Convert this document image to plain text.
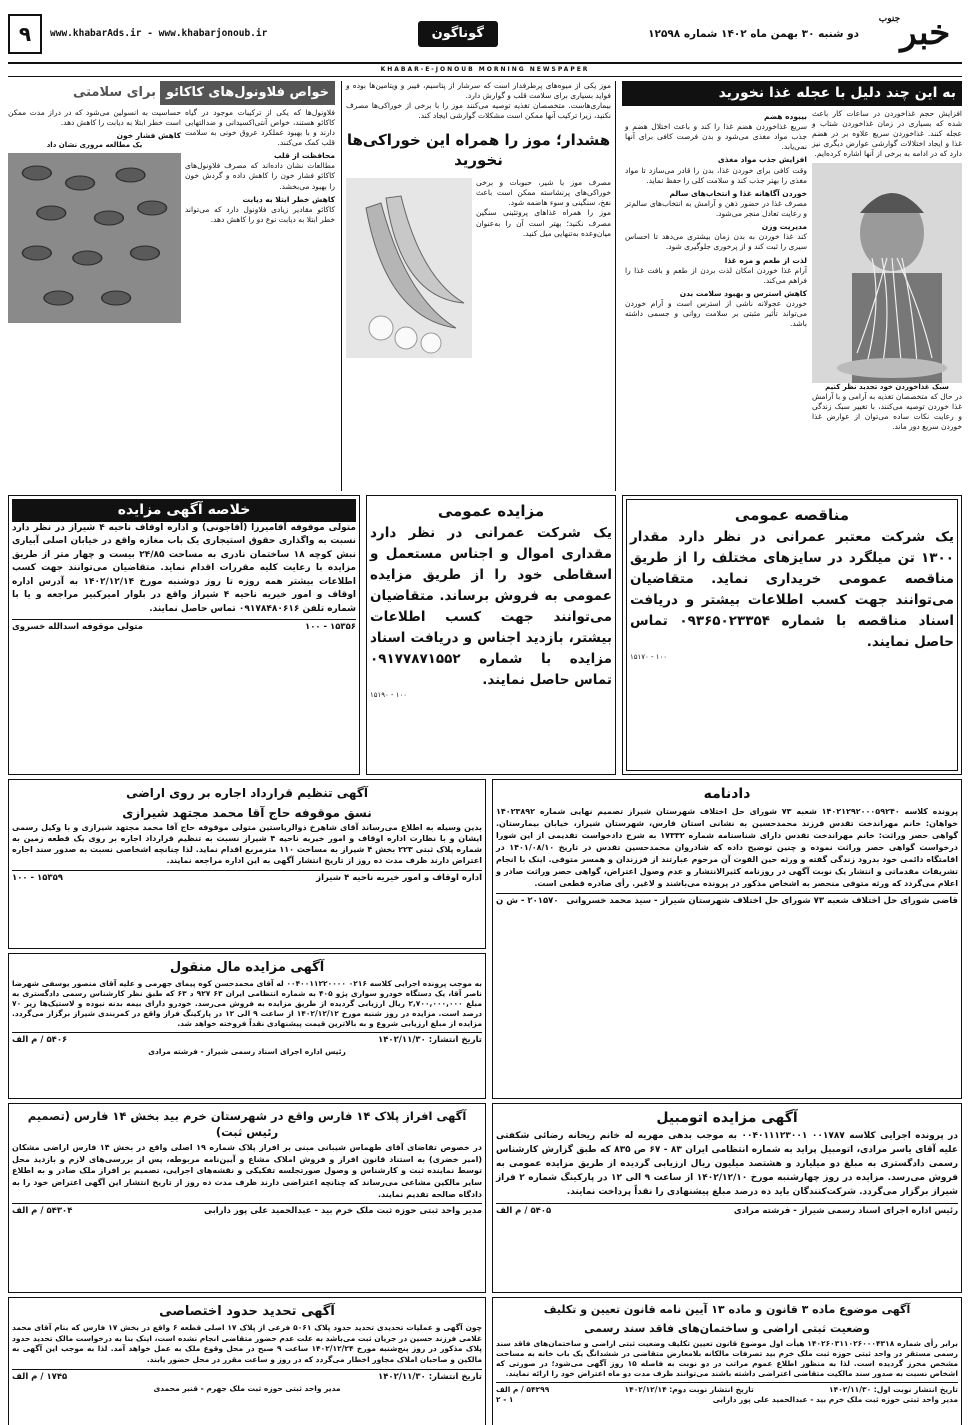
خبر
جنوب
دو شنبه ۳۰ بهمن ماه ۱۴۰۲ شماره ۱۲۵۹۸
گوناگون
www.khabarAds.ir - www.khabarjonoub.ir
۹
KHABAR-E-JONOUB MORNING NEWSPAPER
به این چند دلیل با عجله غذا نخورید

افزایش حجم غذاخوردن در ساعات کار باعث شده که بسیاری در زمان غذاخوردن شتاب و عجله کنند. غذاخوردن سریع علاوه بر در هضم غذا و ایجاد اختلالات گوارشی عوارض دیگری نیز دارد که در ادامه به برخی از آنها اشاره کرده‌ایم.

سبک غذاخوردن خود تجدید نظر کنیم

در حال که متخصصان تغذیه به آرامی و با آرامش غذا خوردن توصیه می‌کنند، با تغییر سبک زندگی و رعایت نکات ساده می‌توان از عوارض غذا خوردن سریع دور ماند.

بیبوده هضم

سریع غذاخوردن هضم غذا را کند و باعث اختلال هضم و جذب مواد مغذی می‌شود و بدن فرصت کافی برای آنها نمی‌یابد.

افزایش جذب مواد مغذی

وقت کافی برای خوردن غذا، بدن را قادر می‌سازد تا مواد مغذی را بهتر جذب کند و سلامت کلی را حفظ نماید.

خوردن آگاهانه غذا و انتخاب‌های سالم

مصرف غذا در حضور ذهن و آرامش به انتخاب‌های سالم‌تر و رعایت تعادل منجر می‌شود.

مدیریت وزن

کند غذا خوردن به بدن زمان بیشتری می‌دهد تا احساس سیری را ثبت کند و از پرخوری جلوگیری شود.

لذت از طعم و مزه غذا

آرام غذا خوردن امکان لذت بردن از طعم و بافت غذا را فراهم می‌کند.

کاهش استرس و بهبود سلامت بدن

خوردن عجولانه ناشی از استرس است و آرام خوردن می‌تواند تأثیر مثبتی بر سلامت روانی و جسمی داشته باشد.

موز یکی از میوه‌های پرطرفدار است که سرشار از پتاسیم، فیبر و ویتامین‌ها بوده و فواید بسیاری برای سلامت قلب و گوارش دارد.

بیماری‌هاست. متخصصان تغذیه توصیه می‌کنند موز را با برخی از خوراکی‌ها مصرف نکنید، زیرا ترکیب آنها ممکن است مشکلات گوارشی ایجاد کند.

هشدار؛ موز را همراه این خوراکی‌ها نخورید

مصرف موز با شیر، حبوبات و برخی خوراکی‌های پرنشاسته ممکن است باعث نفخ، سنگینی و سوء هاضمه شود.

موز را همراه غذاهای پروتئینی سنگین مصرف نکنید؛ بهتر است آن را به‌عنوان میان‌وعده به‌تنهایی میل کنید.

خواص فلاونول‌های کاکائو
برای سلامتی

فلاونول‌ها که یکی از ترکیبات موجود در گیاه کاکائو هستند، خواص آنتی‌اکسیدانی و ضدالتهابی دارند و با بهبود عملکرد عروق خونی به سلامت قلب کمک می‌کنند.

محافظت از قلب

مطالعات نشان داده‌اند که مصرف فلاونول‌های کاکائو فشار خون را کاهش داده و گردش خون را بهبود می‌بخشد.

کاهش خطر ابتلا به دیابت

کاکائو مقادیر زیادی فلاونول دارد که می‌تواند خطر ابتلا به دیابت نوع دو را کاهش دهد.

حساسیت به انسولین می‌شود که در دراز مدت ممکن است خطر ابتلا به دیابت را کاهش دهد.

کاهش فشار خون
یک مطالعه مروری نشان داد
مناقصه عمومی

یک شرکت معتبر عمرانی در نظر دارد مقدار ۱۳۰۰ تن میلگرد در سایزهای مختلف را از طریق مناقصه عمومی خریداری نماید. متقاضیان می‌توانند جهت کسب اطلاعات بیشتر و دریافت اسناد مناقصه با شماره ۰۹۳۶۵۰۲۳۳۵۴ تماس حاصل نمایند.

۱۵۱۷۰ - ۱۰۰
مزایده عمومی

یک شرکت عمرانی در نظر دارد مقداری اموال و اجناس مستعمل و اسقاطی خود را از طریق مزایده عمومی به فروش برساند. متقاضیان می‌توانند جهت کسب اطلاعات بیشتر، بازدید اجناس و دریافت اسناد مزایده با شماره ۰۹۱۷۷۸۷۱۵۵۲ تماس حاصل نمایند.

۱۵۱۹۰ - ۱۰۰
خلاصه آگهی مزایده

متولی موقوفه آقامیرزا (آقاجونی) و اداره اوقاف ناحیه ۴ شیراز در نظر دارد نسبت به واگذاری حقوق استیجاری یک باب مغازه واقع در خیابان اصلی آبیاری نبش کوچه ۱۸ ساختمان نادری به مساحت ۲۴/۸۵ بیست و چهار متر از طریق مزایده با رعایت کلیه مقررات اقدام نماید. متقاضیان می‌توانند جهت کسب اطلاعات بیشتر همه روزه تا روز دوشنبه مورخ ۱۴۰۲/۱۲/۱۴ به آدرس اداره اوقاف و امور خیریه ناحیه ۴ شیراز واقع در بلوار امیرکبیر مراجعه و یا با شماره تلفن ۰۹۱۷۸۴۸۰۶۱۶ تماس حاصل نمایند.

۱۵۳۵۶ - ۱۰۰
متولی موقوفه اسدالله خسروی
دادنامه

پرونده کلاسه ۱۴۰۲۱۲۹۲۰۰۰۵۹۲۴۰ شعبه ۷۳ شورای حل اختلاف شهرستان شیراز تصمیم نهایی شماره ۱۴۰۲۳۸۹۲ خواهان: خانم مهراندخت تقدس فرزند محمدحسین به نشانی استان فارس، شهرستان شیراز، خیابان بیمارستان. گواهی حصر وراثت: خانم مهراندخت تقدس دارای شناسنامه شماره ۱۷۳۳۲ به شرح دادخواست تقدیمی از این شورا درخواست گواهی حصر وراثت نموده و چنین توضیح داده که شادروان محمدحسین تقدس در تاریخ ۱۴۰۱/۰۸/۱۰ در اقامتگاه دائمی خود بدرود زندگی گفته و ورثه حین الفوت آن مرحوم عبارتند از فرزندان و همسر متوفی. اینک با انجام تشریفات مقدماتی و انتشار یک نوبت آگهی در روزنامه کثیرالانتشار و عدم وصول اعتراض، گواهی حصر وراثت صادر و اعلام می‌گردد که ورثه متوفی منحصر به اشخاص مذکور در پرونده می‌باشند و لاغیر. رأی صادره قطعی است.

قاضی شورای حل اختلاف شعبه ۷۳ شورای حل اختلاف شهرستان شیراز - سید محمد خسروانی
۲۰۱۵۷۰ - ش ن
آگهی تنظیم قرارداد اجاره بر روی اراضی
نسق موقوفه حاج آقا محمد مجتهد شیرازی

بدین وسیله به اطلاع می‌رساند آقای شاهرخ ذوالریاستین متولی موقوفه حاج آقا محمد مجتهد شیرازی و با وکیل رسمی ایشان و با نظارت اداره اوقاف و امور خیریه ناحیه ۴ شیراز نسبت به تنظیم قرارداد اجاره بر روی یک قطعه زمین به شماره پلاک ثبتی ۲۲۳ بخش ۴ شیراز به مساحت ۱۱۰ مترمربع اقدام نماید. لذا چنانچه اشخاصی نسبت به صدور سند اجاره اعتراض دارند ظرف مدت ده روز از تاریخ انتشار آگهی به این اداره مراجعه نمایند.

اداره اوقاف و امور خیریه ناحیه ۴ شیراز
۱۵۳۵۹ - ۱۰۰
آگهی مزایده مال منقول

به موجب پرونده اجرایی کلاسه ۰۲۱۶ ۰۰۴۰۰۱۱۲۲۰۰۰۰ له آقای محمدحسن کوه پیمای جهرمی و علیه آقای منصور یوسفی شهرضا ناصر آقا، یک دستگاه خودرو سواری پژو ۴۰۵ به شماره انتظامی ایران ۶۳ ۹۲۷ د ۶۳ که طبق نظر کارشناس رسمی دادگستری به مبلغ ۲,۷۰۰,۰۰۰,۰۰۰ ریال ارزیابی گردیده از طریق مزایده به فروش می‌رسد. خودرو دارای بیمه بدنه نبوده و لاستیک‌ها زیر ۷۰ درصد است. مزایده در روز شنبه مورخ ۱۴۰۲/۱۲/۱۲ از ساعت ۹ الی ۱۲ در پارکینگ فراز واقع در کمربندی شیراز برگزار می‌گردد. مزایده از مبلغ ارزیابی شروع و به بالاترین قیمت پیشنهادی نقداً فروخته خواهد شد.

تاریخ انتشار: ۱۴۰۲/۱۱/۳۰
۵۴۰۶ / م الف
رئیس اداره اجرای اسناد رسمی شیراز - فرشته مرادی
آگهی مزایده اتومبیل

در پرونده اجرایی کلاسه ۰۰۱۷۸۷ ۰۰۴۰۱۱۱۲۳۰۰۱ به موجب بدهی مهریه له خانم ریحانه رضائی شکفتی علیه آقای یاسر مرادی، اتومبیل پراید به شماره انتظامی ایران ۸۳ - ۶۷ ص ۸۳۵ که طبق گزارش کارشناس رسمی دادگستری به مبلغ دو میلیارد و هشتصد میلیون ریال ارزیابی گردیده از طریق مزایده عمومی به فروش می‌رسد. مزایده در روز چهارشنبه مورخ ۱۴۰۲/۱۲/۱۰ از ساعت ۹ الی ۱۲ در پارکینگ شماره ۲ فراز شیراز برگزار می‌گردد. شرکت‌کنندگان باید ده درصد مبلغ پیشنهادی را نقداً پرداخت نمایند.

رئیس اداره اجرای اسناد رسمی شیراز - فرشته مرادی
۵۴۰۵ / م الف
آگهی افراز پلاک ۱۴ فارس واقع در شهرستان خرم بید بخش ۱۴ فارس (تصمیم رئیس ثبت)

در خصوص تقاضای آقای طهماس شیبانی مبنی بر افراز پلاک شماره ۱۹ اصلی واقع در بخش ۱۴ فارس اراضی مشکان (امیر خضری) به استناد قانون افراز و فروش املاک مشاع و آیین‌نامه مربوطه، پس از بررسی‌های لازم و بازدید محل توسط نماینده ثبت و کارشناس و وصول صورتجلسه تفکیکی و نقشه‌های اجرایی، تصمیم بر افراز ملک صادر و به اطلاع سایر مالکین مشاعی می‌رساند که چنانچه اعتراضی دارند ظرف مدت ده روز از تاریخ انتشار این آگهی اعتراض خود را به دادگاه صالحه تقدیم نمایند.

مدیر واحد ثبتی حوزه ثبت ملک خرم بید - عبدالحمید علی پور دارابی
۵۴۳۰۴ / م الف
آگهی موضوع ماده ۳ قانون و ماده ۱۳ آیین نامه قانون تعیین و تکلیف
وضعیت ثبتی اراضی و ساختمان‌های فاقد سند رسمی

برابر رأی شماره ۱۴۰۲۶۰۳۱۱۰۲۶۰۰۰۴۳۱۸ هیأت اول موضوع قانون تعیین تکلیف وضعیت ثبتی اراضی و ساختمان‌های فاقد سند رسمی مستقر در واحد ثبتی حوزه ثبت ملک خرم بید تصرفات مالکانه بلامعارض متقاضی در ششدانگ یک باب خانه به مساحت مشخص محرز گردیده است. لذا به منظور اطلاع عموم مراتب در دو نوبت به فاصله ۱۵ روز آگهی می‌شود؛ در صورتی که اشخاص نسبت به صدور سند مالکیت متقاضی اعتراضی داشته باشند می‌توانند ظرف مدت دو ماه اعتراض خود را ارائه نمایند.

تاریخ انتشار نوبت اول: ۱۴۰۲/۱۱/۳۰
تاریخ انتشار نوبت دوم: ۱۴۰۲/۱۲/۱۴
۵۴۲۹۹ / م الف
مدیر واحد ثبتی حوزه ثبت ملک خرم بید - عبدالحمید علی پور دارابی
۱ - ۲
آگهی تحدید حدود اختصاصی

چون آگهی و عملیات تحدیدی تحدید حدود پلاک ۵۰۶۱ فرعی از پلاک ۱۷ اصلی قطعه ۶ واقع در بخش ۱۷ فارس که بنام آقای محمد غلامی فرزند حسین در جریان ثبت می‌باشد به علت عدم حضور متقاضی انجام نشده است، اینک بنا به درخواست مالک تحدید حدود پلاک مذکور در روز پنج‌شنبه مورخ ۱۴۰۲/۱۲/۲۴ ساعت ۹ صبح در محل وقوع ملک به عمل خواهد آمد. لذا به موجب این آگهی به مالکین و صاحبان املاک مجاور اخطار می‌گردد که در روز و ساعت مقرر در محل حضور یابند.

تاریخ انتشار: ۱۴۰۲/۱۱/۳۰
۱۷۴۵ / م الف
مدیر واحد ثبتی حوزه ثبت ملک جهرم - قنبر محمدی
